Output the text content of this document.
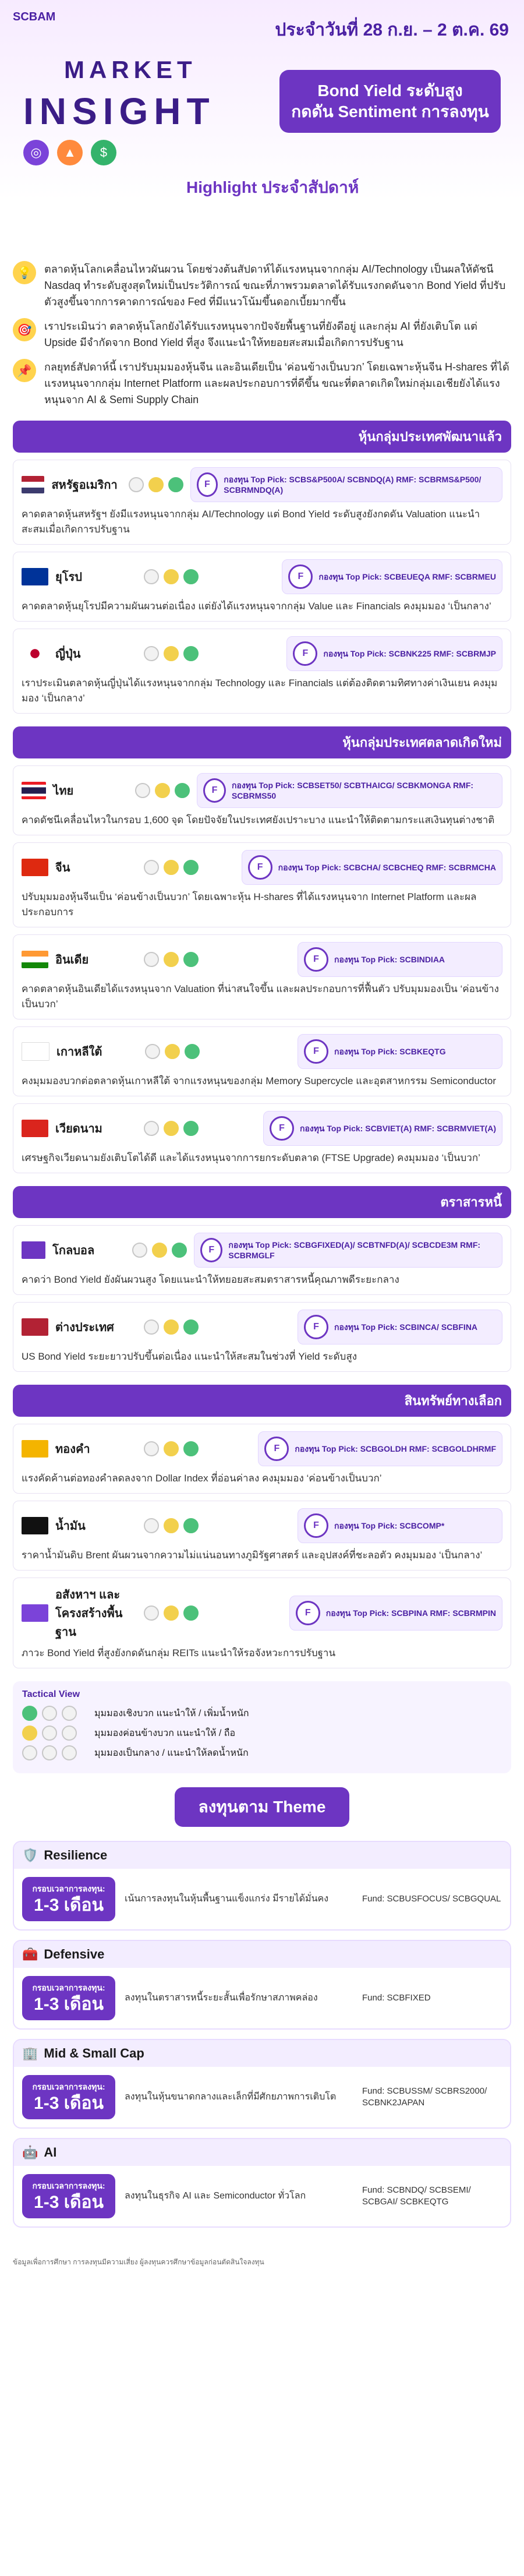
SCBAM
ประจำวันที่ 28 ก.ย. – 2 ต.ค. 69
MARKET
INSIGHT	Bond Yield ระดับสูง
กดดัน Sentiment การลงทุน
◎	▲	$
Highlight ประจำสัปดาห์
💡	ตลาดหุ้นโลกเคลื่อนไหวผันผวน โดยช่วงต้นสัปดาห์ได้แรงหนุนจากกลุ่ม AI/Technology เป็นผลให้ดัชนี Nasdaq ทำระดับสูงสุดใหม่เป็นประวัติการณ์ ขณะที่ภาพรวมตลาดได้รับแรงกดดันจาก Bond Yield ที่ปรับตัวสูงขึ้นจากการคาดการณ์ของ Fed ที่มีแนวโน้มขึ้นดอกเบี้ยมากขึ้น
🎯	เราประเมินว่า ตลาดหุ้นโลกยังได้รับแรงหนุนจากปัจจัยพื้นฐานที่ยังดีอยู่ และกลุ่ม AI ที่ยังเติบโต แต่ Upside มีจำกัดจาก Bond Yield ที่สูง จึงแนะนำให้ทยอยสะสมเมื่อเกิดการปรับฐาน
📌	กลยุทธ์สัปดาห์นี้ เราปรับมุมมองหุ้นจีน และอินเดียเป็น ‘ค่อนข้างเป็นบวก’ โดยเฉพาะหุ้นจีน H-shares ที่ได้แรงหนุนจากกลุ่ม Internet Platform และผลประกอบการที่ดีขึ้น ขณะที่ตลาดเกิดใหม่กลุ่มเอเชียยังได้แรงหนุนจาก AI & Semi Supply Chain
หุ้นกลุ่มประเทศพัฒนาแล้ว
สหรัฐอเมริกา	F	กองทุน Top Pick: SCBS&P500A/ SCBNDQ(A) RMF: SCBRMS&P500/ SCBRMNDQ(A)
คาดตลาดหุ้นสหรัฐฯ ยังมีแรงหนุนจากกลุ่ม AI/Technology แต่ Bond Yield ระดับสูงยังกดดัน Valuation แนะนำสะสมเมื่อเกิดการปรับฐาน
ยุโรป	F	กองทุน Top Pick: SCBEUEQA RMF: SCBRMEU
คาดตลาดหุ้นยุโรปมีความผันผวนต่อเนื่อง แต่ยังได้แรงหนุนจากกลุ่ม Value และ Financials คงมุมมอง ‘เป็นกลาง’
ญี่ปุ่น	F	กองทุน Top Pick: SCBNK225 RMF: SCBRMJP
เราประเมินตลาดหุ้นญี่ปุ่นได้แรงหนุนจากกลุ่ม Technology และ Financials แต่ต้องติดตามทิศทางค่าเงินเยน คงมุมมอง ‘เป็นกลาง’
หุ้นกลุ่มประเทศตลาดเกิดใหม่
ไทย	F	กองทุน Top Pick: SCBSET50/ SCBTHAICG/ SCBKMONGA RMF: SCBRMS50
คาดดัชนีเคลื่อนไหวในกรอบ 1,600 จุด โดยปัจจัยในประเทศยังเปราะบาง แนะนำให้ติดตามกระแสเงินทุนต่างชาติ
จีน	F	กองทุน Top Pick: SCBCHA/ SCBCHEQ RMF: SCBRMCHA
ปรับมุมมองหุ้นจีนเป็น ‘ค่อนข้างเป็นบวก’ โดยเฉพาะหุ้น H-shares ที่ได้แรงหนุนจาก Internet Platform และผลประกอบการ
อินเดีย	F	กองทุน Top Pick: SCBINDIAA
คาดตลาดหุ้นอินเดียได้แรงหนุนจาก Valuation ที่น่าสนใจขึ้น และผลประกอบการที่ฟื้นตัว ปรับมุมมองเป็น ‘ค่อนข้างเป็นบวก’
เกาหลีใต้	F	กองทุน Top Pick: SCBKEQTG
คงมุมมองบวกต่อตลาดหุ้นเกาหลีใต้ จากแรงหนุนของกลุ่ม Memory Supercycle และอุตสาหกรรม Semiconductor
เวียดนาม	F	กองทุน Top Pick: SCBVIET(A) RMF: SCBRMVIET(A)
เศรษฐกิจเวียดนามยังเติบโตได้ดี และได้แรงหนุนจากการยกระดับตลาด (FTSE Upgrade) คงมุมมอง ‘เป็นบวก’
ตราสารหนี้
โกลบอล	F	กองทุน Top Pick: SCBGFIXED(A)/ SCBTNFD(A)/ SCBCDE3M RMF: SCBRMGLF
คาดว่า Bond Yield ยังผันผวนสูง โดยแนะนำให้ทยอยสะสมตราสารหนี้คุณภาพดีระยะกลาง
ต่างประเทศ	F	กองทุน Top Pick: SCBINCA/ SCBFINA
US Bond Yield ระยะยาวปรับขึ้นต่อเนื่อง แนะนำให้สะสมในช่วงที่ Yield ระดับสูง
สินทรัพย์ทางเลือก
ทองคำ	F	กองทุน Top Pick: SCBGOLDH RMF: SCBGOLDHRMF
แรงคัดค้านต่อทองคำลดลงจาก Dollar Index ที่อ่อนค่าลง คงมุมมอง ‘ค่อนข้างเป็นบวก’
น้ำมัน	F	กองทุน Top Pick: SCBCOMP*
ราคาน้ำมันดิบ Brent ผันผวนจากความไม่แน่นอนทางภูมิรัฐศาสตร์ และอุปสงค์ที่ชะลอตัว คงมุมมอง ‘เป็นกลาง’
อสังหาฯ และโครงสร้างพื้นฐาน
F	กองทุน Top Pick: SCBPINA RMF: SCBRMPIN
ภาวะ Bond Yield ที่สูงยังกดดันกลุ่ม REITs แนะนำให้รอจังหวะการปรับฐาน
Tactical View
มุมมองเชิงบวก แนะนำให้ / เพิ่มน้ำหนัก
มุมมองค่อนข้างบวก แนะนำให้ / ถือ
มุมมองเป็นกลาง / แนะนำให้ลดน้ำหนัก
ลงทุนตาม Theme
🛡️ Resilience
กรอบเวลาการลงทุน:
1-3 เดือน	เน้นการลงทุนในหุ้นพื้นฐานแข็งแกร่ง มีรายได้มั่นคง	Fund: SCBUSFOCUS/ SCBGQUAL
🧰 Defensive
กรอบเวลาการลงทุน:
1-3 เดือน	ลงทุนในตราสารหนี้ระยะสั้นเพื่อรักษาสภาพคล่อง	Fund: SCBFIXED
🏢 Mid & Small Cap
กรอบเวลาการลงทุน:
1-3 เดือน	ลงทุนในหุ้นขนาดกลางและเล็กที่มีศักยภาพการเติบโต
Fund: SCBUSSM/ SCBRS2000/ SCBNK2JAPAN
🤖 AI
กรอบเวลาการลงทุน:
1-3 เดือน	ลงทุนในธุรกิจ AI และ Semiconductor ทั่วโลก
Fund: SCBNDQ/ SCBSEMI/ SCBGAI/ SCBKEQTG
ข้อมูลเพื่อการศึกษา การลงทุนมีความเสี่ยง ผู้ลงทุนควรศึกษาข้อมูลก่อนตัดสินใจลงทุน
